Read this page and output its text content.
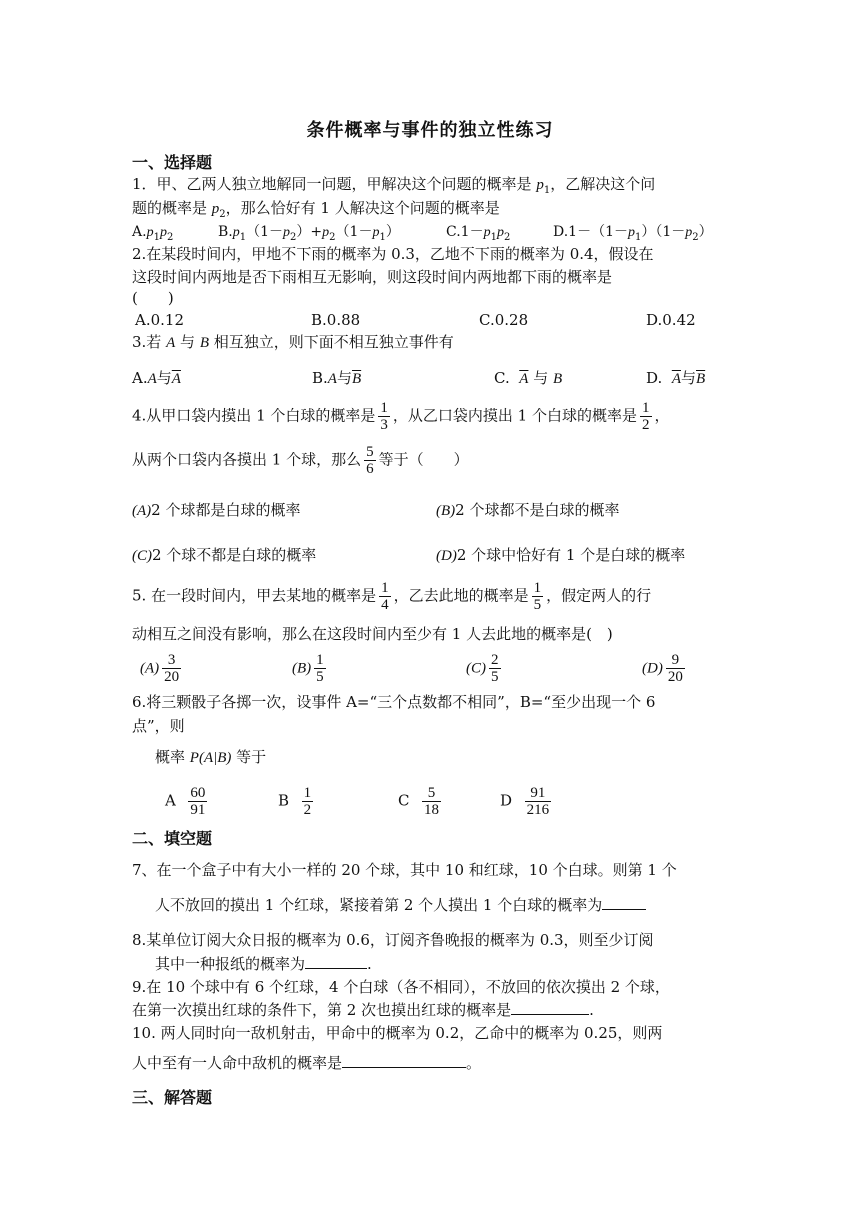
条件概率与事件的独立性练习
一、选择题
1．甲、乙两人独立地解同一问题，甲解决这个问题的概率是 $p_1$，乙解决这个问
题的概率是 $p_2$，那么恰好有 1 人解决这个问题的概率是
$A.p_1p_2$	$B.p_1(1-p_2)+p_2(1-p_1)$	$C.1-p_1p_2$	$D.1-(1-p_1)(1-p_2)$
2.在某段时间内，甲地不下雨的概率为 0.3，乙地不下雨的概率为 0.4，假设在
这段时间内两地是否下雨相互无影响，则这段时间内两地都下雨的概率是
(　　)
A.0.12	B.0.88	C.0.28	D.0.42
3.若 A 与 B 相互独立，则下面不相互独立事件有
A.A与$\overline{A}$	B.A与$\overline{B}$	C. $\overline{A}$ 与 B	D. $\overline{A}$与$\overline{B}$
4.从甲口袋内摸出 1 个白球的概率是 $\frac{1}{3}$ ，从乙口袋内摸出 1 个白球的概率是 $\frac{1}{2}$ ，
从两个口袋内各摸出 1 个球，那么 $\frac{5}{6}$ 等于（　　）
(A)2 个球都是白球的概率	(B)2 个球都不是白球的概率
(C)2 个球不都是白球的概率	(D)2 个球中恰好有 1 个是白球的概率
5. 在一段时间内，甲去某地的概率是 $\frac{1}{4}$ ，乙去此地的概率是 $\frac{1}{5}$ ，假定两人的行
动相互之间没有影响，那么在这段时间内至少有 1 人去此地的概率是(　)
$(A) \frac{3}{20}$	$(B) \frac{1}{5}$	$(C) \frac{2}{5}$	$(D) \frac{9}{20}$
6.将三颗骰子各掷一次，设事件 A=“三个点数都不相同”，B=“至少出现一个 6
点”，则
概率 P(A|B) 等于
A $\frac{60}{91}$	B $\frac{1}{2}$	C $\frac{5}{18}$	D $\frac{91}{216}$
二、填空题
7、在一个盒子中有大小一样的 20 个球，其中 10 和红球，10 个白球。则第 1 个
人不放回的摸出 1 个红球，紧接着第 2 个人摸出 1 个白球的概率为
8.某单位订阅大众日报的概率为 0.6，订阅齐鲁晚报的概率为 0.3，则至少订阅
其中一种报纸的概率为	.
9.在 10 个球中有 6 个红球，4 个白球（各不相同），不放回的依次摸出 2 个球，
在第一次摸出红球的条件下，第 2 次也摸出红球的概率是	.
10. 两人同时向一敌机射击，甲命中的概率为 0.2，乙命中的概率为 0.25，则两
人中至有一人命中敌机的概率是	。
三、解答题
